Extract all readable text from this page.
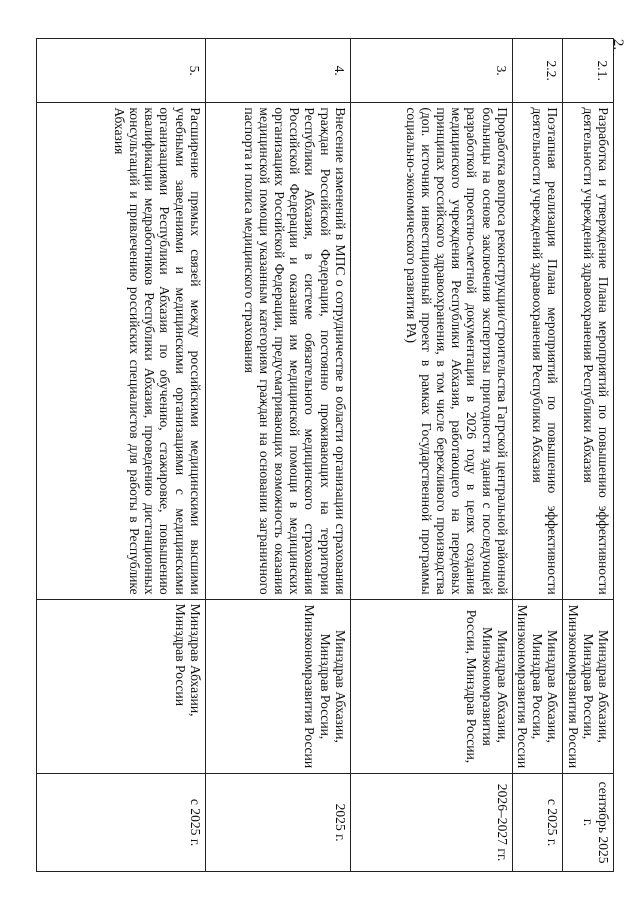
2.
2.1.	Разработка и утверждение Плана мероприятий по повышению эффективности деятельности учреждений здравоохранения Республики Абхазия	Минздрав Абхазии, Минздрав России, Минэкономразвития России	сентябрь 2025 г.
2.2.	Поэтапная реализация Плана мероприятий по повышению эффективности деятельности учреждений здравоохранения Республики Абхазия	Минздрав Абхазии, Минздрав России, Минэкономразвития России	с 2025 г.
3.	Проработка вопроса реконструкции/строительства Гагрской центральной районной больницы на основе заключения экспертизы пригодности здания с последующей разработкой проектно-сметной документации в 2026 году в целях создания медицинского учреждения Республики Абхазия, работающего на передовых принципах российского здравоохранения, в том числе бережливого производства (доп. источник инвестиционный проект в рамках Государственной программы социально-экономического развития РА)	Минздрав Абхазии, Минэкономразвития России, Минздрав России,	2026–2027 гг.
4.	Внесение изменений в МПС о сотрудничестве в области организации страхования граждан Российской Федерации, постоянно проживающих на территории Республики Абхазия, в системе обязательного медицинского страхования Российской Федерации и оказания им медицинской помощи в медицинских организациях Российской Федерации, предусматривающих возможность оказания медицинской помощи указанным категориям граждан на основании заграничного паспорта и полиса медицинского страхования	Минздрав Абхазии, Минздрав России, Минэкономразвития России	2025 г.
5.	Расширение прямых связей между российскими медицинскими высшими учебными заведениями и медицинскими организациями с медицинскими организациями Республики Абхазия по обучению, стажировке, повышению квалификации медработников Республики Абхазия, проведению дистанционных консультаций и привлечению российских специалистов для работы в Республике Абхазия	Минздрав Абхазии, Минздрав России	с 2025 г.
